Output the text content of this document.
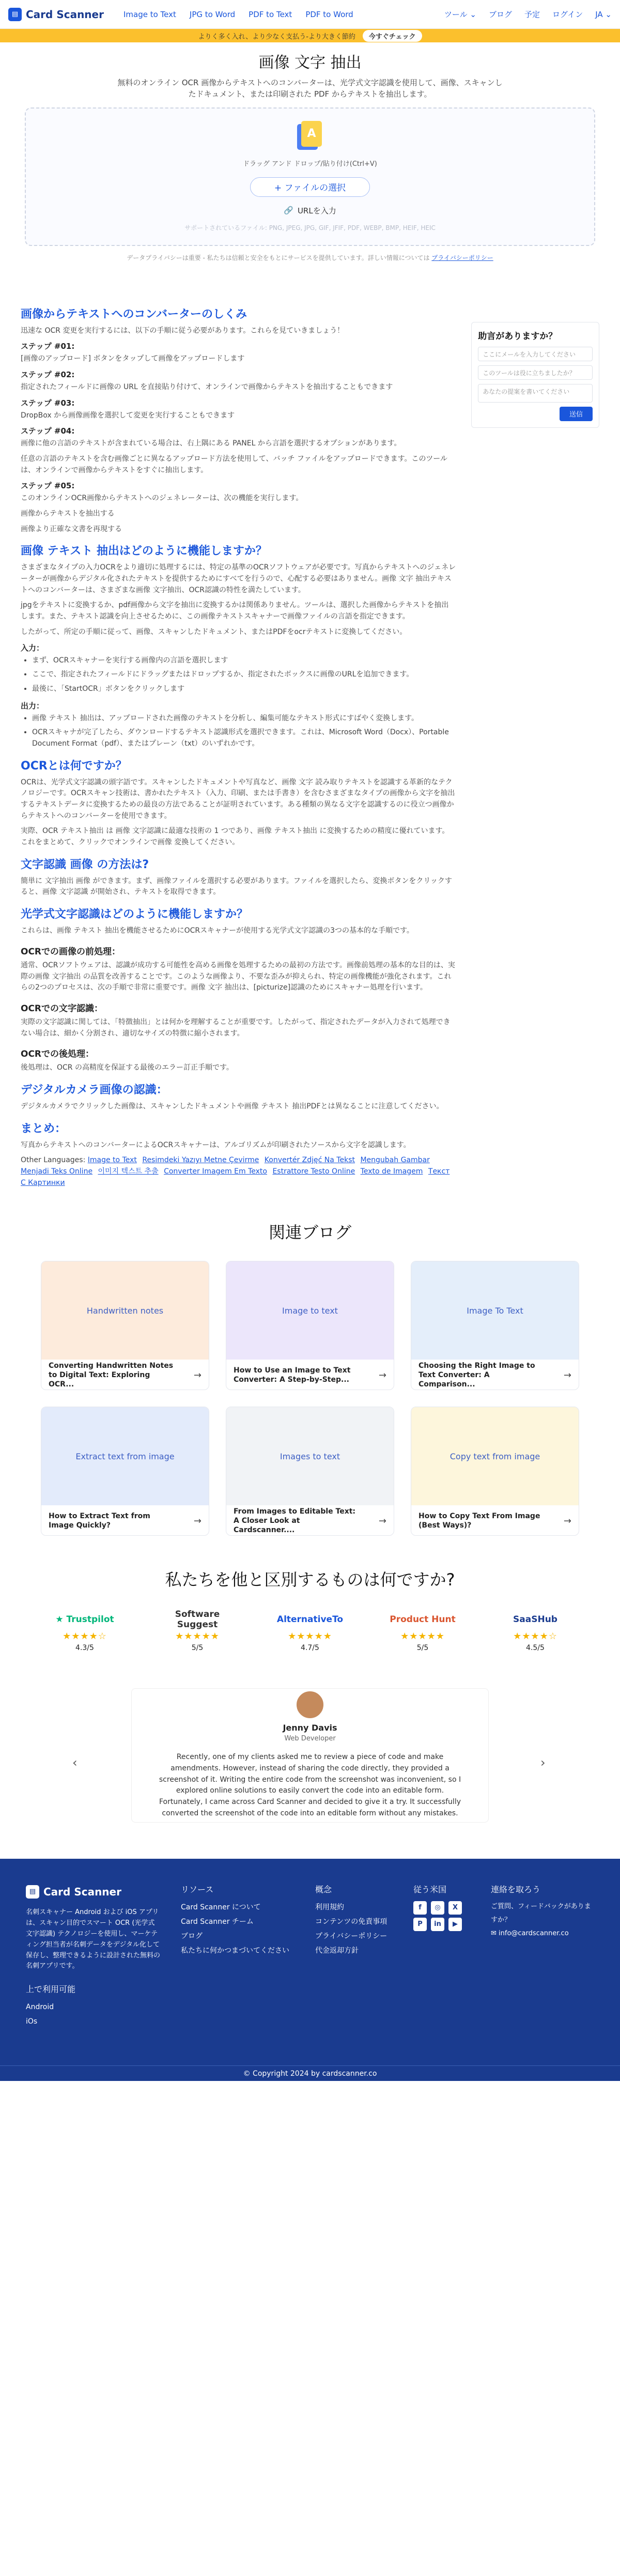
▤ Card Scanner	Image to Text JPG to Word PDF to Text PDF to Word	ツール ⌄ ブログ 予定 ログイン JA ⌄
よりく多く入れ、より少なく支払う-より大きく節約	今すぐチェック
画像 文字 抽出

無料のオンライン OCR 画像からテキストへのコンバーターは、光学式文字認識を使用して、画像、スキャンしたドキュメント、または印刷された PDF からテキストを抽出します。

A
ドラッグ アンド ドロップ/貼り付け(Ctrl+V)
+ ファイルの選択
🔗 URLを入力
サポートされているファイル: PNG, JPEG, JPG, GIF, JFIF, PDF, WEBP, BMP, HEIF, HEIC
データプライバシーは重要 - 私たちは信頼と安全をもとにサービスを提供しています。詳しい情報については プライバシーポリシー
画像からテキストへのコンバーターのしくみ

迅速な OCR 変更を実行するには、以下の手順に従う必要があります。これらを見ていきましょう！

ステップ #01:

[画像のアップロード] ボタンをタップして画像をアップロードします

ステップ #02:

指定されたフィールドに画像の URL を直接貼り付けて、オンラインで画像からテキストを抽出することもできます

ステップ #03:

DropBox から画像画像を選択して変更を実行することもできます

ステップ #04:

画像に他の言語のテキストが含まれている場合は、右上隅にある PANEL から言語を選択するオプションがあります。

任意の言語のテキストを含む画像ごとに異なるアップロード方法を使用して、バッチ ファイルをアップロードできます。このツールは、オンラインで画像からテキストをすぐに抽出します。

ステップ #05:

このオンラインOCR画像からテキストへのジェネレーターは、次の機能を実行します。

画像からテキストを抽出する

画像より正確な文書を再現する

画像 テキスト 抽出はどのように機能しますか？

さまざまなタイプの入力OCRをより適切に処理するには、特定の基準のOCRソフトウェアが必要です。写真からテキストへのジェネレーターが画像からデジタル化されたテキストを提供するためにすべてを行うので、心配する必要はありません。画像 文字 抽出テキストへのコンバーターは、さまざまな画像 文字抽出、OCR認識の特性を満たしています。

jpgをテキストに変換するか、pdf画像から文字を抽出に変換するかは関係ありません。ツールは、選択した画像からテキストを抽出します。また、テキスト認識を向上させるために、この画像テキストスキャナーで画像ファイルの言語を指定できます。

したがって、所定の手順に従って、画像、スキャンしたドキュメント、またはPDFをocrテキストに変換してください。

入力：
• まず、OCRスキャナーを実行する画像内の言語を選択します
• ここで、指定されたフィールドにドラッグまたはドロップするか、指定されたボックスに画像のURLを追加できます。
• 最後に、「StartOCR」ボタンをクリックします
出力：
• 画像 テキスト 抽出は、アップロードされた画像のテキストを分析し、編集可能なテキスト形式にすばやく変換します。
• OCRスキャナが完了したら、ダウンロードするテキスト認識形式を選択できます。これは、Microsoft Word（Docx）、Portable Document Format（pdf）、またはプレーン（txt）のいずれかです。
OCRとは何ですか？

OCRは、光学式文字認識の頭字語です。スキャンしたドキュメントや写真など、画像 文字 読み取りテキストを認識する革新的なテクノロジーです。OCRスキャン技術は、書かれたテキスト（入力、印刷、または手書き）を含むさまざまなタイプの画像から文字を抽出するテキストデータに変換するための最良の方法であることが証明されています。ある種類の異なる文字を認識するのに役立つ画像からテキストへのコンバーターを使用できます。

実際、OCR テキスト抽出 は 画像 文字認識に最適な技術の 1 つであり、画像 テキスト抽出 に変換するための精度に優れています。これをまとめて、クリックでオンラインで画像 変換してください。

文字認識 画像 の方法は?

簡単に 文字抽出 画像 ができます。まず、画像ファイルを選択する必要があります。ファイルを選択したら、変換ボタンをクリックすると、画像 文字認識 が開始され、テキストを取得できます。

光学式文字認識はどのように機能しますか？

これらは、画像 テキスト 抽出を機能させるためにOCRスキャナーが使用する光学式文字認識の3つの基本的な手順です。

OCRでの画像の前処理：

通常、OCRソフトウェアは、認識が成功する可能性を高める画像を処理するための最初の方法です。画像前処理の基本的な目的は、実際の画像 文字抽出 の品質を改善することです。このような画像より、不要な歪みが抑えられ、特定の画像機能が強化されます。これらの2つのプロセスは、次の手順で非常に重要です。画像 文字 抽出は、[picturize]認識のためにスキャナー処理を行います。

OCRでの文字認識：

実際の文字認識に関しては、「特徴抽出」とは何かを理解することが重要です。したがって、指定されたデータが入力されて処理できない場合は、細かく分割され、適切なサイズの特徴に縮小されます。

OCRでの後処理：

後処理は、OCR の高精度を保証する最後のエラー訂正手順です。

デジタルカメラ画像の認識：

デジタルカメラでクリックした画像は、スキャンしたドキュメントや画像 テキスト 抽出PDFとは異なることに注意してください。

まとめ：

写真からテキストへのコンバーターによるOCRスキャナーは、アルゴリズムが印刷されたソースから文字を認識します。

Other Languages: Image to Text Resimdeki Yazıyı Metne Çevirme Konvertér Zdjęć Na Tekst Mengubah Gambar Menjadi Teks Online 이미지 텍스트 추출 Converter Imagem Em Texto Estrattore Testo Online Texto de Imagem Текст С Картинки
助言がありますか？
ここにメールを入力してください
このツールは役に立ちましたか？
あなたの提案を書いてください
送信
関連ブログ
Handwritten notes
Converting Handwritten Notes to Digital Text: Exploring OCR...
→
Image to text
How to Use an Image to Text Converter: A Step-by-Step...	→
Image To Text
Choosing the Right Image to Text Converter: A Comparison...
→
Extract text from image
How to Extract Text from Image Quickly?	→
Images to text
From Images to Editable Text: A Closer Look at Cardscanner....
→
Copy text from image
How to Copy Text From Image (Best Ways)?	→
私たちを他と区別するものは何ですか?
★ Trustpilot
★★★★☆
4.3/5
Software Suggest
★★★★★
5/5
AlternativeTo
★★★★★
4.7/5
Product Hunt
★★★★★
5/5
SaaSHub
★★★★☆
4.5/5
‹
Jenny Davis
Web Developer
Recently, one of my clients asked me to review a piece of code and make amendments. However, instead of sharing the code directly, they provided a screenshot of it. Writing the entire code from the screenshot was inconvenient, so I explored online solutions to easily convert the code into an editable form. Fortunately, I came across Card Scanner and decided to give it a try. It successfully converted the screenshot of the code into an editable form without any mistakes.
›
▤ Card Scanner

名刺スキャナー Android および iOS アプリは、スキャン目的でスマート OCR (光学式文字認識) テクノロジーを使用し、マーケティング担当者が名刺データをデジタル化して保存し、整理できるように設計された無料の名刺アプリです。

上で利用可能
Android
iOs
リソース
Card Scanner について
Card Scanner チーム
ブログ
私たちに何かつまづいてください
概念
利用規約
コンテンツの免責事項
プライバシーポリシー
代金返却方針
従う米国
f	◎	X
P	in	▶
連絡を取ろう
ご質問、フィードバックがありますか？
✉ info@cardscanner.co
© Copyright 2024 by cardscanner.co
